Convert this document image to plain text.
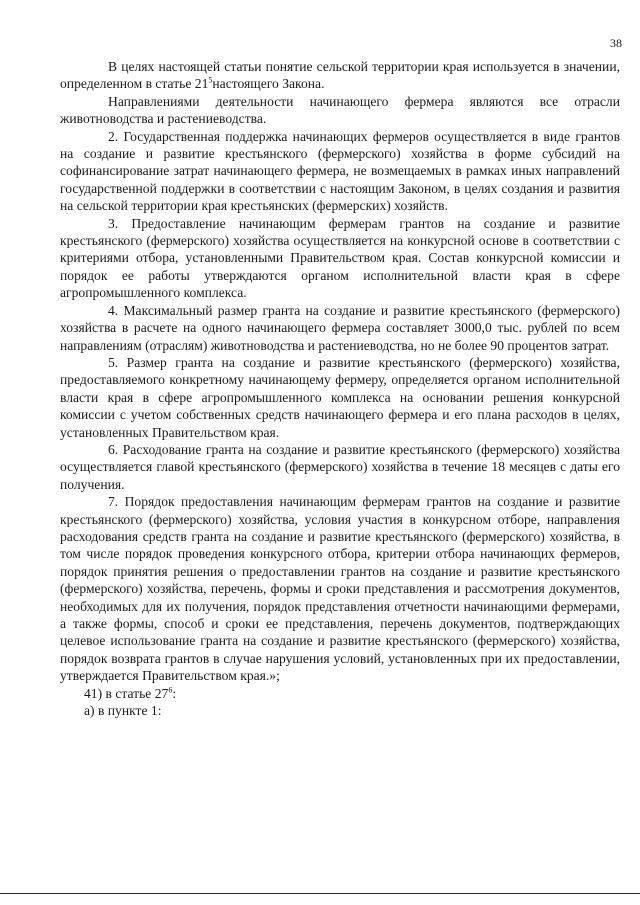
38

В целях настоящей статьи понятие сельской территории края используется в значении, определенном в статье $21^5настоящего$ Закона.

Направлениями деятельности начинающего фермера являются все отрасли животноводства и растениеводства.

2. Государственная поддержка начинающих фермеров осуществляется в виде грантов на создание и развитие крестьянского (фермерского) хозяйства в форме субсидий на софинансирование затрат начинающего фермера, не возмещаемых в рамках иных направлений государственной поддержки в соответствии с настоящим Законом, в целях создания и развития на сельской территории края крестьянских (фермерских) хозяйств.

3. Предоставление начинающим фермерам грантов на создание и развитие крестьянского (фермерского) хозяйства осуществляется на конкурсной основе в соответствии с критериями отбора, установленными Правительством края. Состав конкурсной комиссии и порядок ее работы утверждаются органом исполнительной власти края в сфере агропромышленного комплекса.

4. Максимальный размер гранта на создание и развитие крестьянского (фермерского) хозяйства в расчете на одного начинающего фермера составляет 3000,0 тыс. рублей по всем направлениям (отраслям) животноводства и растениеводства, но не более 90 процентов затрат.

5. Размер гранта на создание и развитие крестьянского (фермерского) хозяйства, предоставляемого конкретному начинающему фермеру, определяется органом исполнительной власти края в сфере агропромышленного комплекса на основании решения конкурсной комиссии с учетом собственных средств начинающего фермера и его плана расходов в целях, установленных Правительством края.

6. Расходование гранта на создание и развитие крестьянского (фермерского) хозяйства осуществляется главой крестьянского (фермерского) хозяйства в течение 18 месяцев с даты его получения.

7. Порядок предоставления начинающим фермерам грантов на создание и развитие крестьянского (фермерского) хозяйства, условия участия в конкурсном отборе, направления расходования средств гранта на создание и развитие крестьянского (фермерского) хозяйства, в том числе порядок проведения конкурсного отбора, критерии отбора начинающих фермеров, порядок принятия решения о предоставлении грантов на создание и развитие крестьянского (фермерского) хозяйства, перечень, формы и сроки представления и рассмотрения документов, необходимых для их получения, порядок представления отчетности начинающими фермерами, а также формы, способ и сроки ее представления, перечень документов, подтверждающих целевое использование гранта на создание и развитие крестьянского (фермерского) хозяйства, порядок возврата грантов в случае нарушения условий, установленных при их предоставлении, утверждается Правительством края.»;

41) в статье $27^6$:

а) в пункте 1:
